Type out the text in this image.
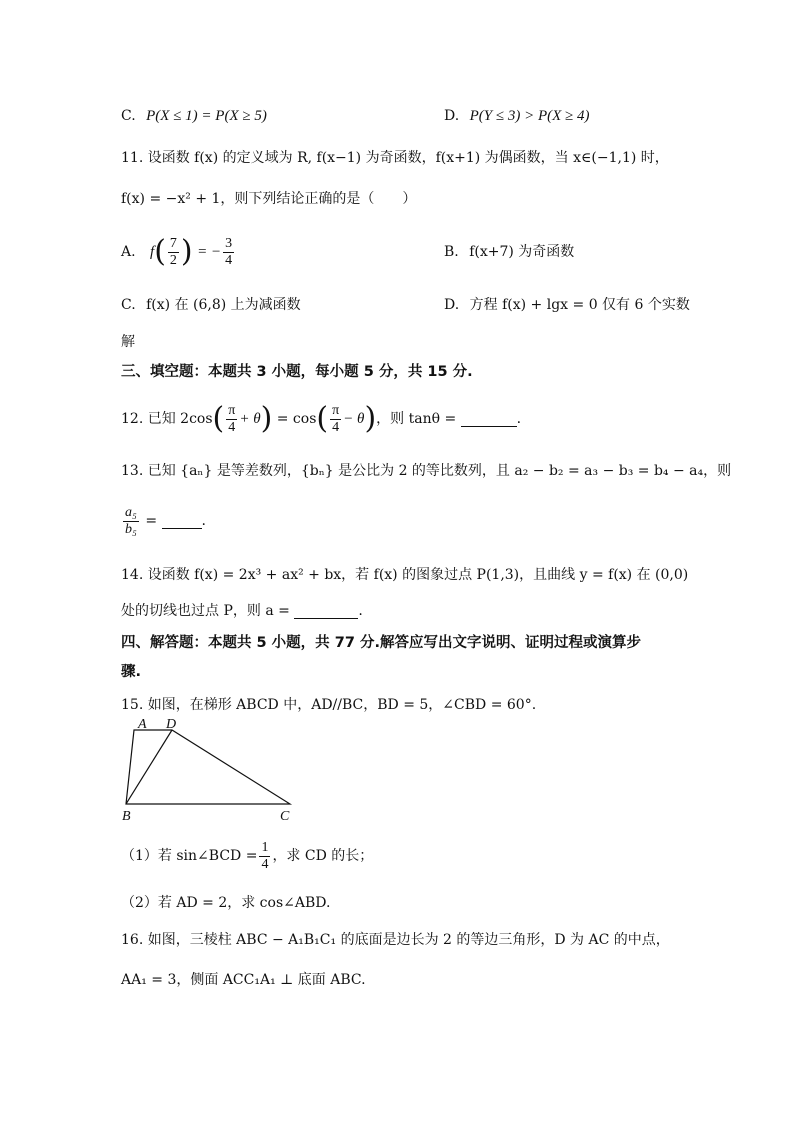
C. P(X ≤ 1) = P(X ≥ 5)	D. P(Y ≤ 3) > P(X ≥ 4)
11. 设函数 f(x) 的定义域为 R, f(x−1) 为奇函数，f(x+1) 为偶函数，当 x∈(−1,1) 时，
f(x) = −x² + 1，则下列结论正确的是（　　）
A. $f( \frac{7}{2}$ ) = − $\frac{3}{4}$	B. f(x+7) 为奇函数
C. f(x) 在 (6,8) 上为减函数	D. 方程 f(x) + lgx = 0 仅有 6 个实数
解
三、填空题：本题共 3 小题，每小题 5 分，共 15 分.
12. 已知 $2\cos( \frac{\pi}{4} + \theta) = \cos( \frac{\pi}{4} - \theta)$，则 tanθ =	.
13. 已知 {aₙ} 是等差数列，{bₙ} 是公比为 2 的等比数列，且 a₂ − b₂ = a₃ − b₃ = b₄ − a₄，则
$\frac{\text{a₅}}{\text{b₅}}$ =	.
14. 设函数 f(x) = 2x³ + ax² + bx，若 f(x) 的图象过点 P(1,3)，且曲线 y = f(x) 在 (0,0)
处的切线也过点 P，则 a =	.
四、解答题：本题共 5 小题，共 77 分.解答应写出文字说明、证明过程或演算步
骤.
15. 如图，在梯形 ABCD 中，AD//BC，BD = 5，∠CBD = 60°.
A D
B	C
（1）若 sin∠BCD = $\frac{1}{4}$ ，求 CD 的长；
（2）若 AD = 2，求 cos∠ABD.
16. 如图，三棱柱 ABC − A₁B₁C₁ 的底面是边长为 2 的等边三角形，D 为 AC 的中点，
AA₁ = 3，侧面 ACC₁A₁ ⊥ 底面 ABC.
